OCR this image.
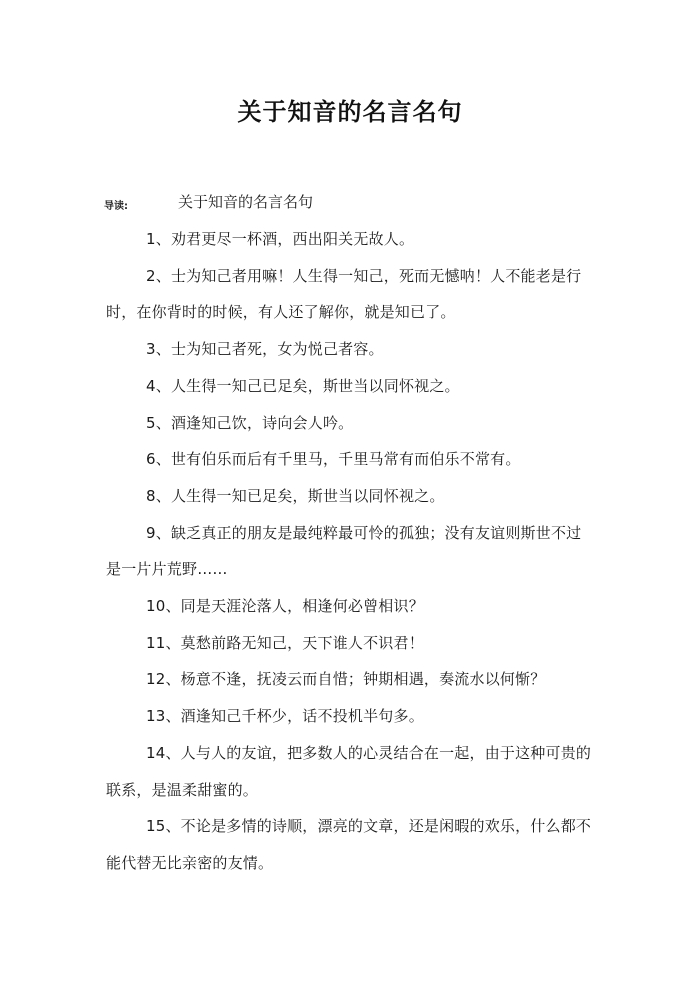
关于知音的名言名句
导读:	关于知音的名言名句

1、劝君更尽一杯酒，西出阳关无故人。

2、士为知己者用嘛！人生得一知己，死而无憾呐！人不能老是行时，在你背时的时候，有人还了解你，就是知已了。

3、士为知己者死，女为悦己者容。

4、人生得一知己已足矣，斯世当以同怀视之。

5、酒逢知己饮，诗向会人吟。

6、世有伯乐而后有千里马，千里马常有而伯乐不常有。

8、人生得一知已足矣，斯世当以同怀视之。

9、缺乏真正的朋友是最纯粹最可怜的孤独；没有友谊则斯世不过是一片片荒野……

10、同是天涯沦落人，相逢何必曾相识？

11、莫愁前路无知己，天下谁人不识君！

12、杨意不逢，抚凌云而自惜；钟期相遇，奏流水以何惭？

13、酒逢知己千杯少，话不投机半句多。

14、人与人的友谊，把多数人的心灵结合在一起，由于这种可贵的联系，是温柔甜蜜的。

15、不论是多情的诗顺，漂亮的文章，还是闲暇的欢乐，什么都不能代替无比亲密的友情。
